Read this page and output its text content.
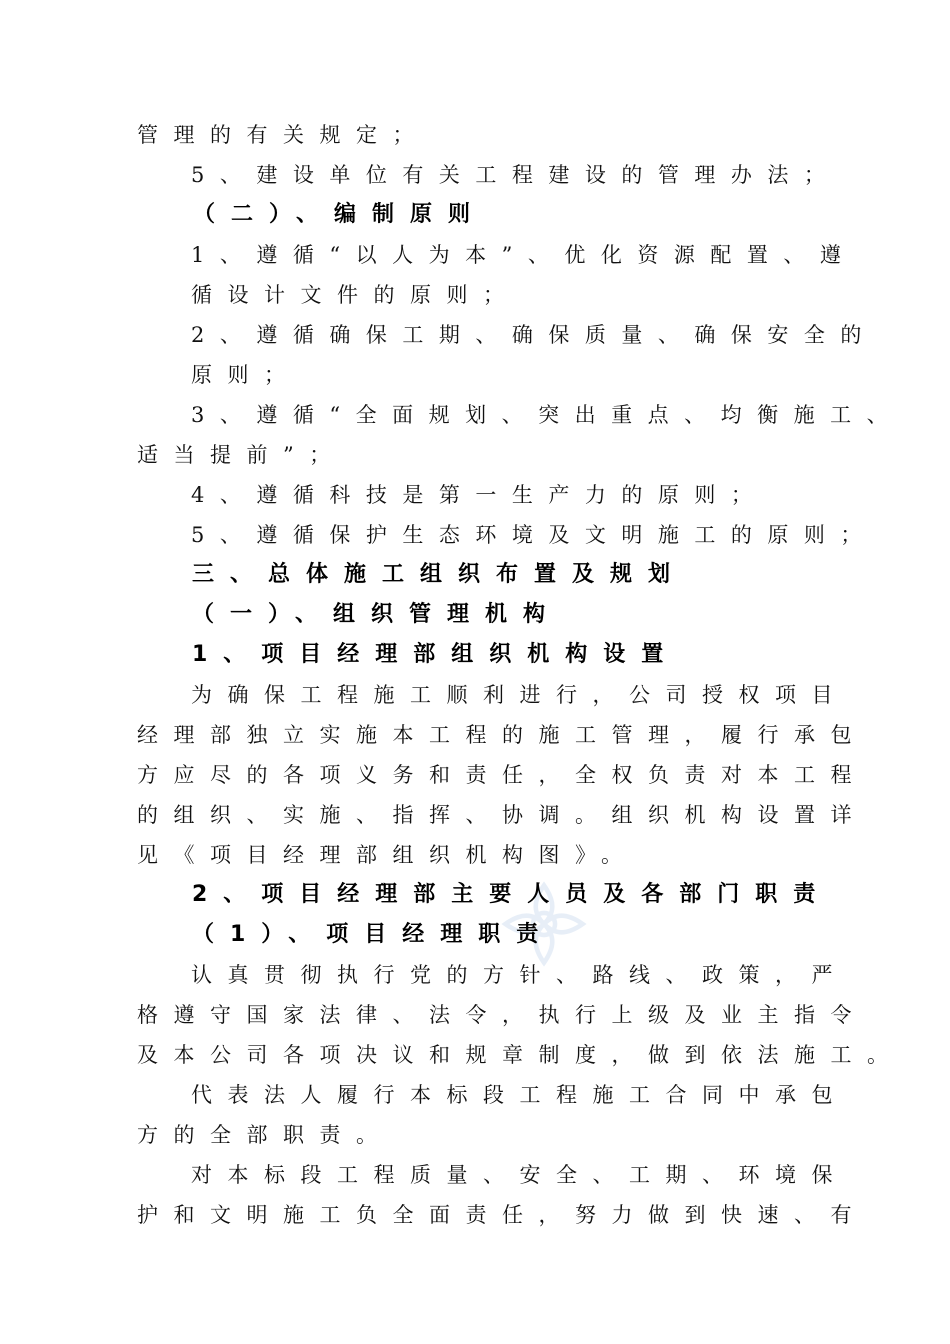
管理的有关规定；
5、建设单位有关工程建设的管理办法；
（二）、编制原则
1、遵循“以人为本”、优化资源配置、遵
循设计文件的原则；
2、遵循确保工期、确保质量、确保安全的
原则；
3、遵循“全面规划、突出重点、均衡施工、
适当提前”；
4、遵循科技是第一生产力的原则；
5、遵循保护生态环境及文明施工的原则；
三、总体施工组织布置及规划
（一）、组织管理机构
1、项目经理部组织机构设置
为确保工程施工顺利进行，公司授权项目
经理部独立实施本工程的施工管理，履行承包
方应尽的各项义务和责任，全权负责对本工程
的组织、实施、指挥、协调。组织机构设置详
见《项目经理部组织机构图》。
2、项目经理部主要人员及各部门职责
（1）、项目经理职责
认真贯彻执行党的方针、路线、政策，严
格遵守国家法律、法令，执行上级及业主指令
及本公司各项决议和规章制度，做到依法施工。
代表法人履行本标段工程施工合同中承包
方的全部职责。
对本标段工程质量、安全、工期、环境保
护和文明施工负全面责任，努力做到快速、有
